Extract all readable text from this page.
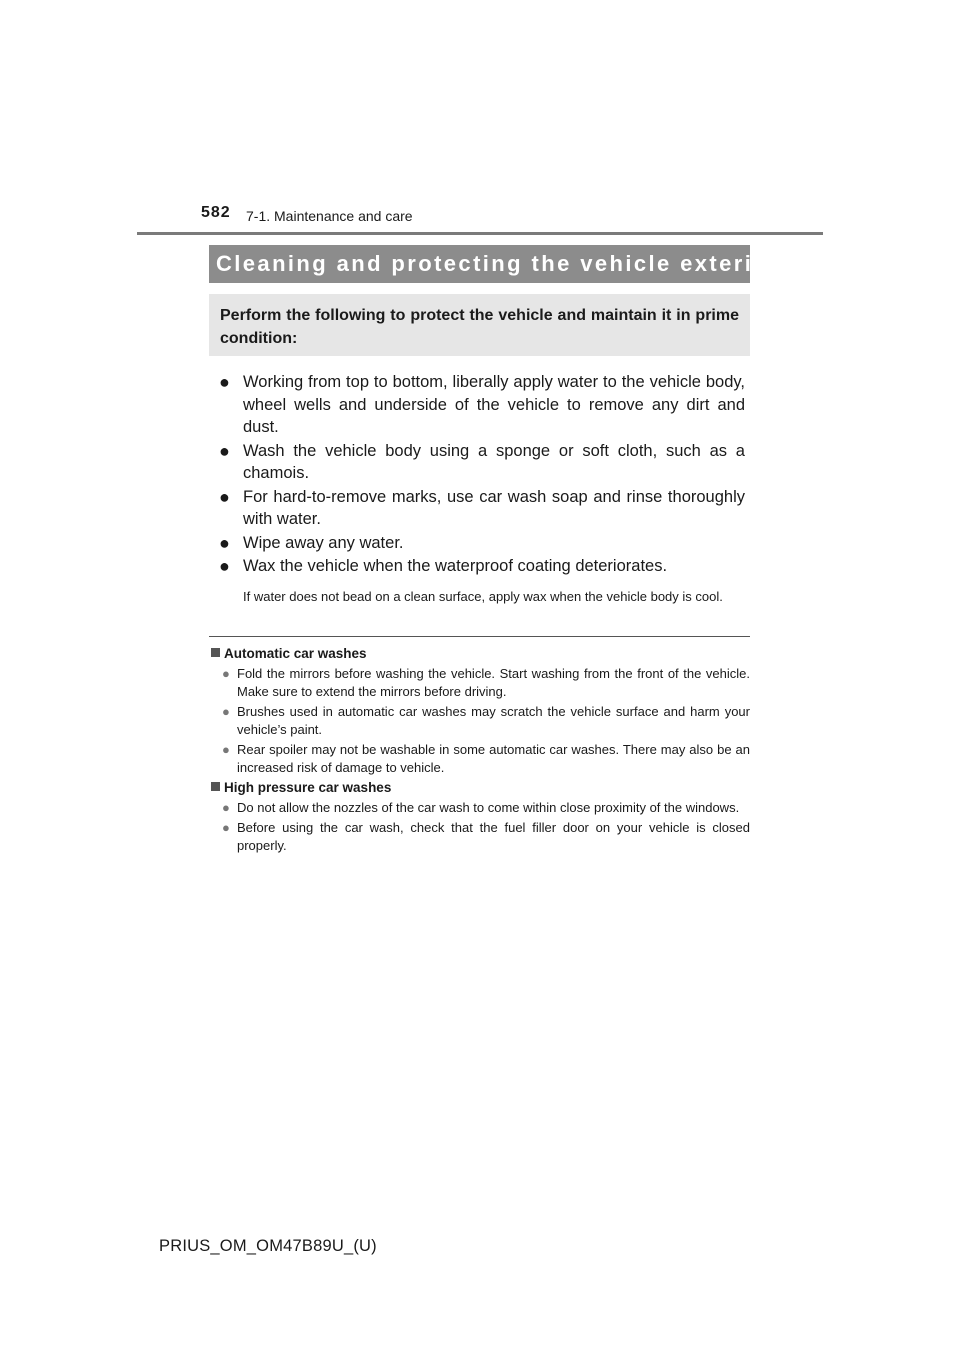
582 7-1. Maintenance and care
Cleaning and protecting the vehicle exterior
Perform the following to protect the vehicle and maintain it in prime condition:
● Working from top to bottom, liberally apply water to the vehicle body, wheel wells and underside of the vehicle to remove any dirt and dust.
● Wash the vehicle body using a sponge or soft cloth, such as a chamois.
● For hard-to-remove marks, use car wash soap and rinse thoroughly with water.
● Wipe away any water.
● Wax the vehicle when the waterproof coating deteriorates.
If water does not bead on a clean surface, apply wax when the vehicle body is cool.
Automatic car washes
● Fold the mirrors before washing the vehicle. Start washing from the front of the vehicle. Make sure to extend the mirrors before driving.
● Brushes used in automatic car washes may scratch the vehicle surface and harm your vehicle’s paint.
● Rear spoiler may not be washable in some automatic car washes. There may also be an increased risk of damage to vehicle.
High pressure car washes
● Do not allow the nozzles of the car wash to come within close proximity of the windows.
● Before using the car wash, check that the fuel filler door on your vehicle is closed properly.
PRIUS_OM_OM47B89U_(U)
